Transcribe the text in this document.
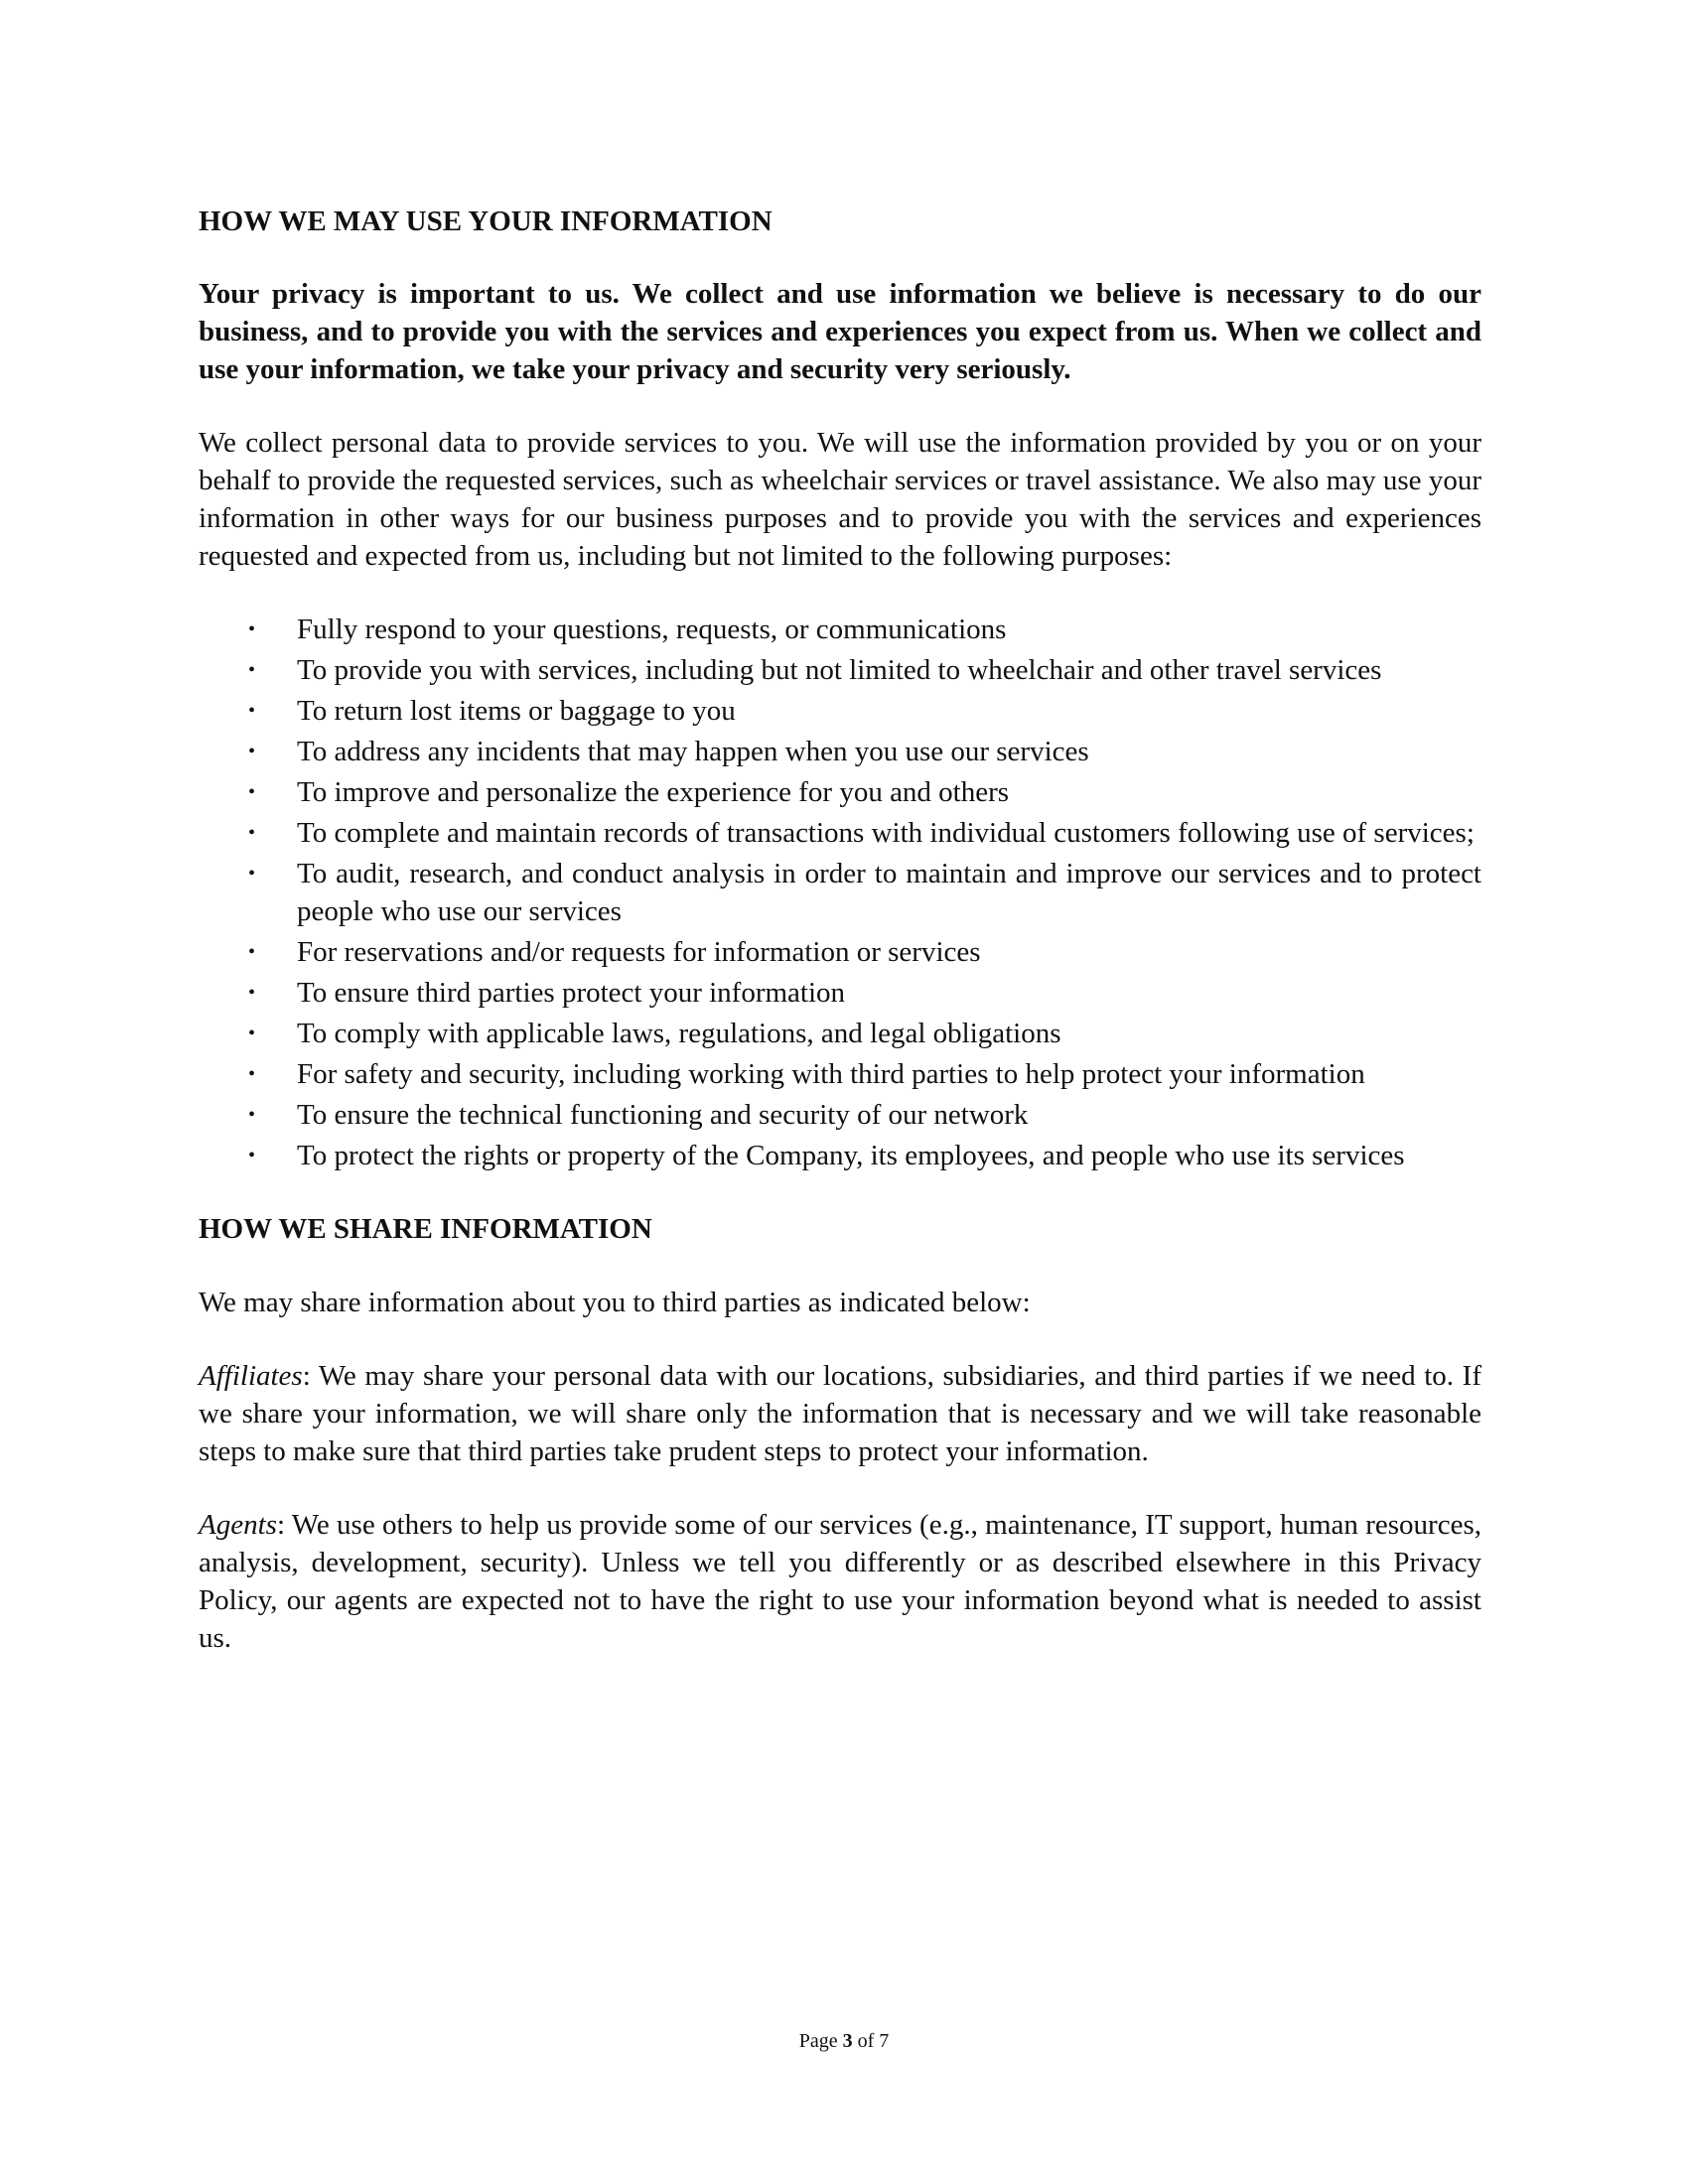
HOW WE MAY USE YOUR INFORMATION

Your privacy is important to us. We collect and use information we believe is necessary to do our business, and to provide you with the services and experiences you expect from us. When we collect and use your information, we take your privacy and security very seriously.

We collect personal data to provide services to you. We will use the information provided by you or on your behalf to provide the requested services, such as wheelchair services or travel assistance. We also may use your information in other ways for our business purposes and to provide you with the services and experiences requested and expected from us, including but not limited to the following purposes:

• Fully respond to your questions, requests, or communications
• To provide you with services, including but not limited to wheelchair and other travel services
• To return lost items or baggage to you
• To address any incidents that may happen when you use our services
• To improve and personalize the experience for you and others
• To complete and maintain records of transactions with individual customers following use of services;
• To audit, research, and conduct analysis in order to maintain and improve our services and to protect people who use our services
• For reservations and/or requests for information or services
• To ensure third parties protect your information
• To comply with applicable laws, regulations, and legal obligations
• For safety and security, including working with third parties to help protect your information
• To ensure the technical functioning and security of our network
• To protect the rights or property of the Company, its employees, and people who use its services
HOW WE SHARE INFORMATION

We may share information about you to third parties as indicated below:

Affiliates: We may share your personal data with our locations, subsidiaries, and third parties if we need to. If we share your information, we will share only the information that is necessary and we will take reasonable steps to make sure that third parties take prudent steps to protect your information.

Agents: We use others to help us provide some of our services (e.g., maintenance, IT support, human resources, analysis, development, security). Unless we tell you differently or as described elsewhere in this Privacy Policy, our agents are expected not to have the right to use your information beyond what is needed to assist us.

Page 3 of 7
